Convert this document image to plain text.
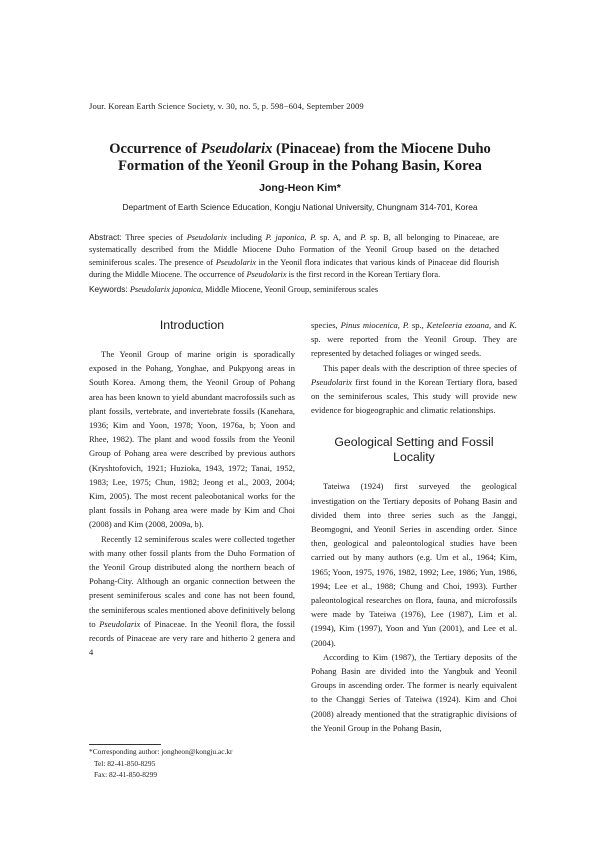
Jour. Korean Earth Science Society, v. 30, no. 5, p. 598−604, September 2009
Occurrence of Pseudolarix (Pinaceae) from the Miocene Duho
Formation of the Yeonil Group in the Pohang Basin, Korea
Jong-Heon Kim*
Department of Earth Science Education, Kongju National University, Chungnam 314-701, Korea
Abstract: Three species of Pseudolarix including P. japonica, P. sp. A, and P. sp. B, all belonging to Pinaceae, are systematically described from the Middle Miocene Duho Formation of the Yeonil Group based on the detached seminiferous scales. The presence of Pseudolarix in the Yeonil flora indicates that various kinds of Pinaceae did flourish during the Middle Miocene. The occurrence of Pseudolarix is the first record in the Korean Tertiary flora.
Keywords: Pseudolarix japonica, Middle Miocene, Yeonil Group, seminiferous scales
Introduction

The Yeonil Group of marine origin is sporadically exposed in the Pohang, Yonghae, and Pukpyong areas in South Korea. Among them, the Yeonil Group of Pohang area has been known to yield abundant macrofossils such as plant fossils, vertebrate, and invertebrate fossils (Kanehara, 1936; Kim and Yoon, 1978; Yoon, 1976a, b; Yoon and Rhee, 1982). The plant and wood fossils from the Yeonil Group of Pohang area were described by previous authors (Kryshtofovich, 1921; Huzioka, 1943, 1972; Tanai, 1952, 1983; Lee, 1975; Chun, 1982; Jeong et al., 2003, 2004; Kim, 2005). The most recent paleobotanical works for the plant fossils in Pohang area were made by Kim and Choi (2008) and Kim (2008, 2009a, b).

Recently 12 seminiferous scales were collected together with many other fossil plants from the Duho Formation of the Yeonil Group distributed along the northern beach of Pohang-City. Although an organic connection between the present seminiferous scales and cone has not been found, the seminiferous scales mentioned above definitively belong to Pseudolarix of Pinaceae. In the Yeonil flora, the fossil records of Pinaceae are very rare and hitherto 2 genera and 4

species, Pinus miocenica, P. sp., Keteleeria ezoana, and K. sp. were reported from the Yeonil Group. They are represented by detached foliages or winged seeds.

This paper deals with the description of three species of Pseudolarix first found in the Korean Tertiary flora, based on the seminiferous scales, This study will provide new evidence for biogeographic and climatic relationships.

Geological Setting and Fossil
Locality

Tateiwa (1924) first surveyed the geological investigation on the Tertiary deposits of Pohang Basin and divided them into three series such as the Janggi, Beomgogni, and Yeonil Series in ascending order. Since then, geological and paleontological studies have been carried out by many authors (e.g. Um et al., 1964; Kim, 1965; Yoon, 1975, 1976, 1982, 1992; Lee, 1986; Yun, 1986, 1994; Lee et al., 1988; Chung and Choi, 1993). Further paleontological researches on flora, fauna, and microfossils were made by Tateiwa (1976), Lee (1987), Lim et al. (1994), Kim (1997), Yoon and Yun (2001), and Lee et al. (2004).

According to Kim (1987), the Tertiary deposits of the Pohang Basin are divided into the Yangbuk and Yeonil Groups in ascending order. The former is nearly equivalent to the Changgi Series of Tateiwa (1924). Kim and Choi (2008) already mentioned that the stratigraphic divisions of the Yeonil Group in the Pohang Basin,

*Corresponding author: jongheon@kongju.ac.kr
Tel: 82-41-850-8295
Fax: 82-41-850-8299
